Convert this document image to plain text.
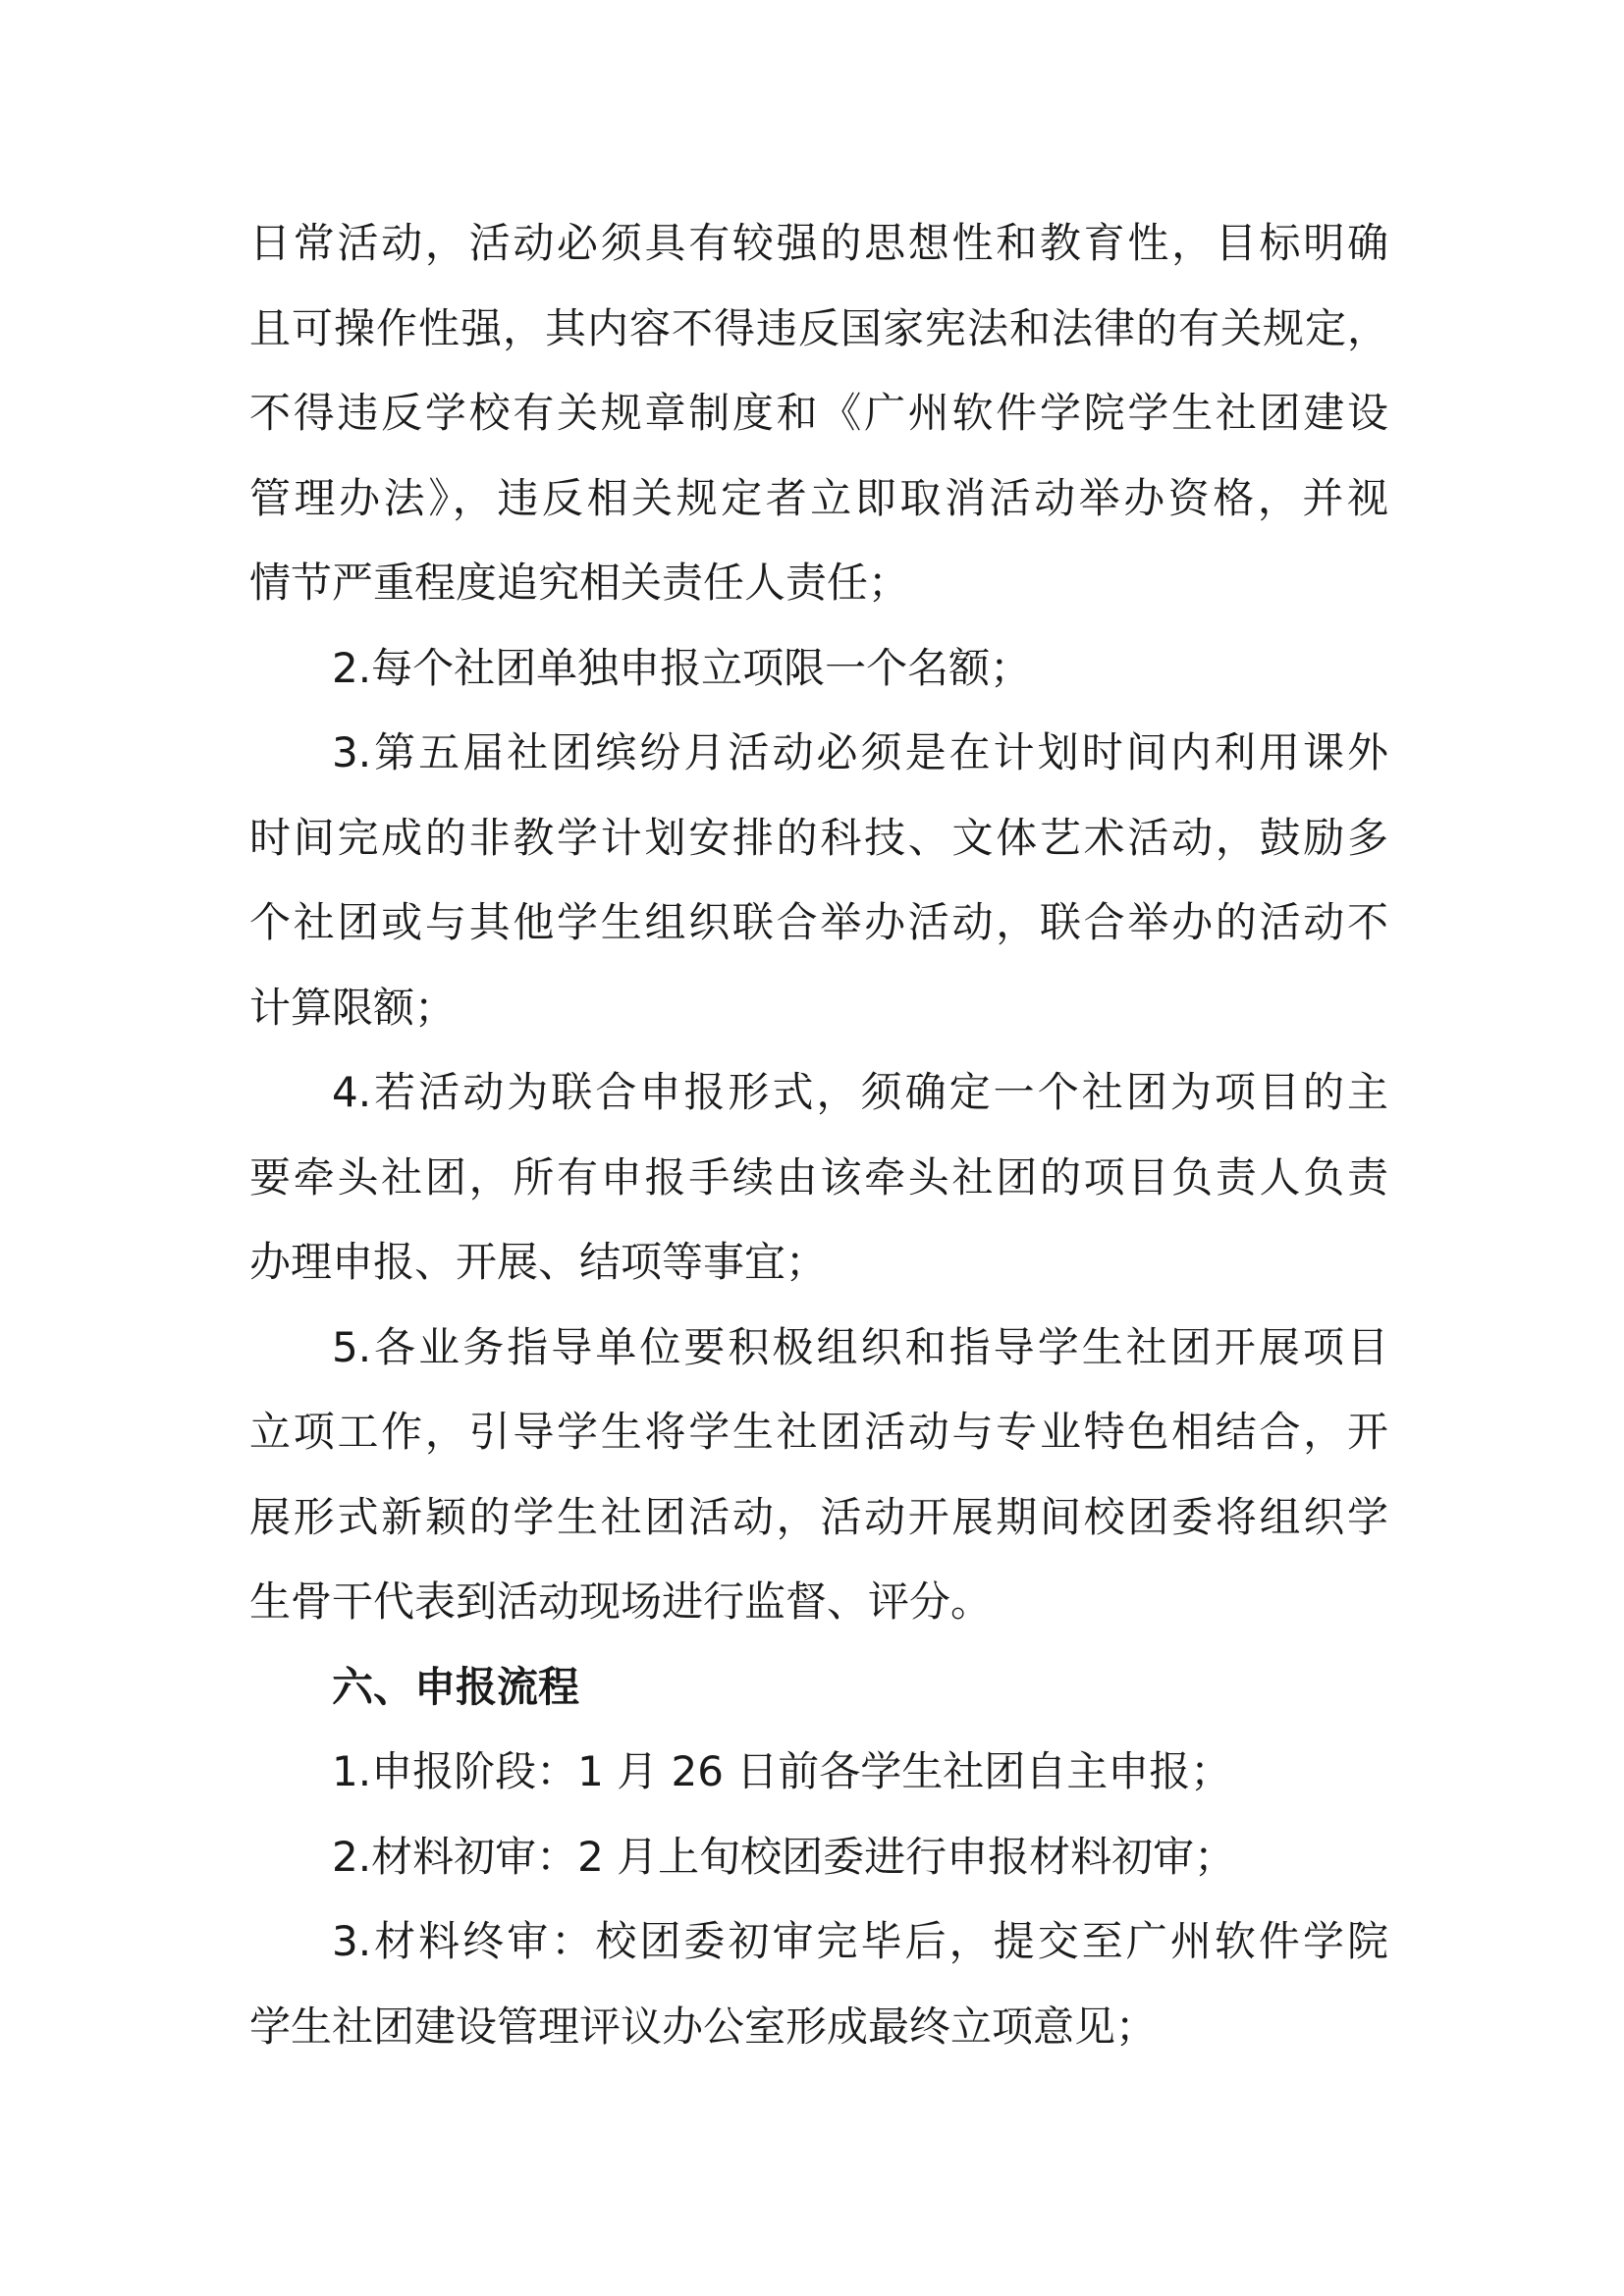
日常活动，活动必须具有较强的思想性和教育性，目标明确
且可操作性强，其内容不得违反国家宪法和法律的有关规定，
不得违反学校有关规章制度和《广州软件学院学生社团建设
管理办法》，违反相关规定者立即取消活动举办资格，并视
情节严重程度追究相关责任人责任；
2.每个社团单独申报立项限一个名额；
3.第五届社团缤纷月活动必须是在计划时间内利用课外
时间完成的非教学计划安排的科技、文体艺术活动，鼓励多
个社团或与其他学生组织联合举办活动，联合举办的活动不
计算限额；
4.若活动为联合申报形式，须确定一个社团为项目的主
要牵头社团，所有申报手续由该牵头社团的项目负责人负责
办理申报、开展、结项等事宜；
5.各业务指导单位要积极组织和指导学生社团开展项目
立项工作，引导学生将学生社团活动与专业特色相结合，开
展形式新颖的学生社团活动，活动开展期间校团委将组织学
生骨干代表到活动现场进行监督、评分。
六、申报流程
1.申报阶段：1 月 26 日前各学生社团自主申报；
2.材料初审：2 月上旬校团委进行申报材料初审；
3.材料终审：校团委初审完毕后，提交至广州软件学院
学生社团建设管理评议办公室形成最终立项意见；
